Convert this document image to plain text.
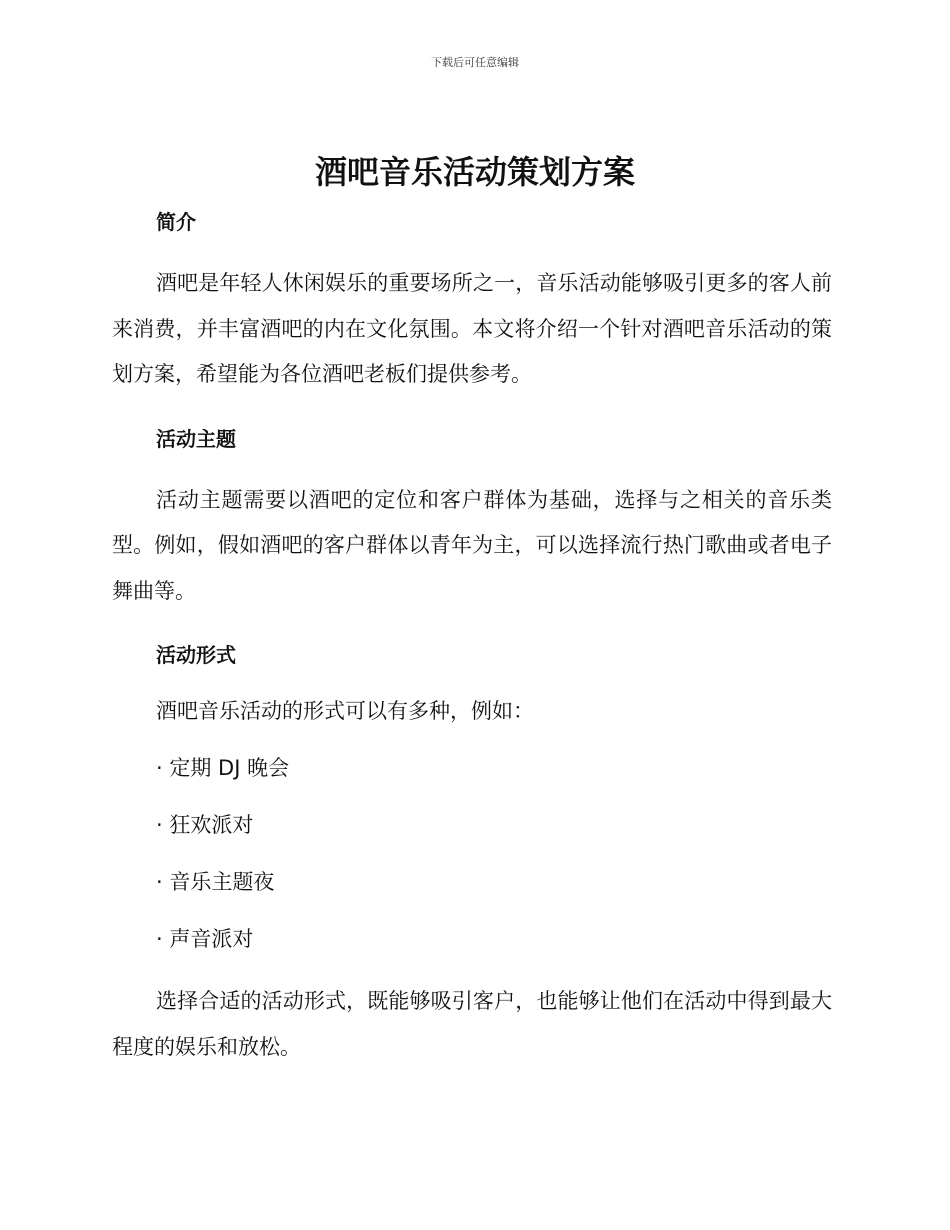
下载后可任意编辑
酒吧音乐活动策划方案
简介

酒吧是年轻人休闲娱乐的重要场所之一，音乐活动能够吸引更多的客人前来消费，并丰富酒吧的内在文化氛围。本文将介绍一个针对酒吧音乐活动的策划方案，希望能为各位酒吧老板们提供参考。

活动主题

活动主题需要以酒吧的定位和客户群体为基础，选择与之相关的音乐类型。例如，假如酒吧的客户群体以青年为主，可以选择流行热门歌曲或者电子舞曲等。

活动形式

酒吧音乐活动的形式可以有多种，例如：

· 定期 DJ 晚会
· 狂欢派对
· 音乐主题夜
· 声音派对

选择合适的活动形式，既能够吸引客户，也能够让他们在活动中得到最大程度的娱乐和放松。
